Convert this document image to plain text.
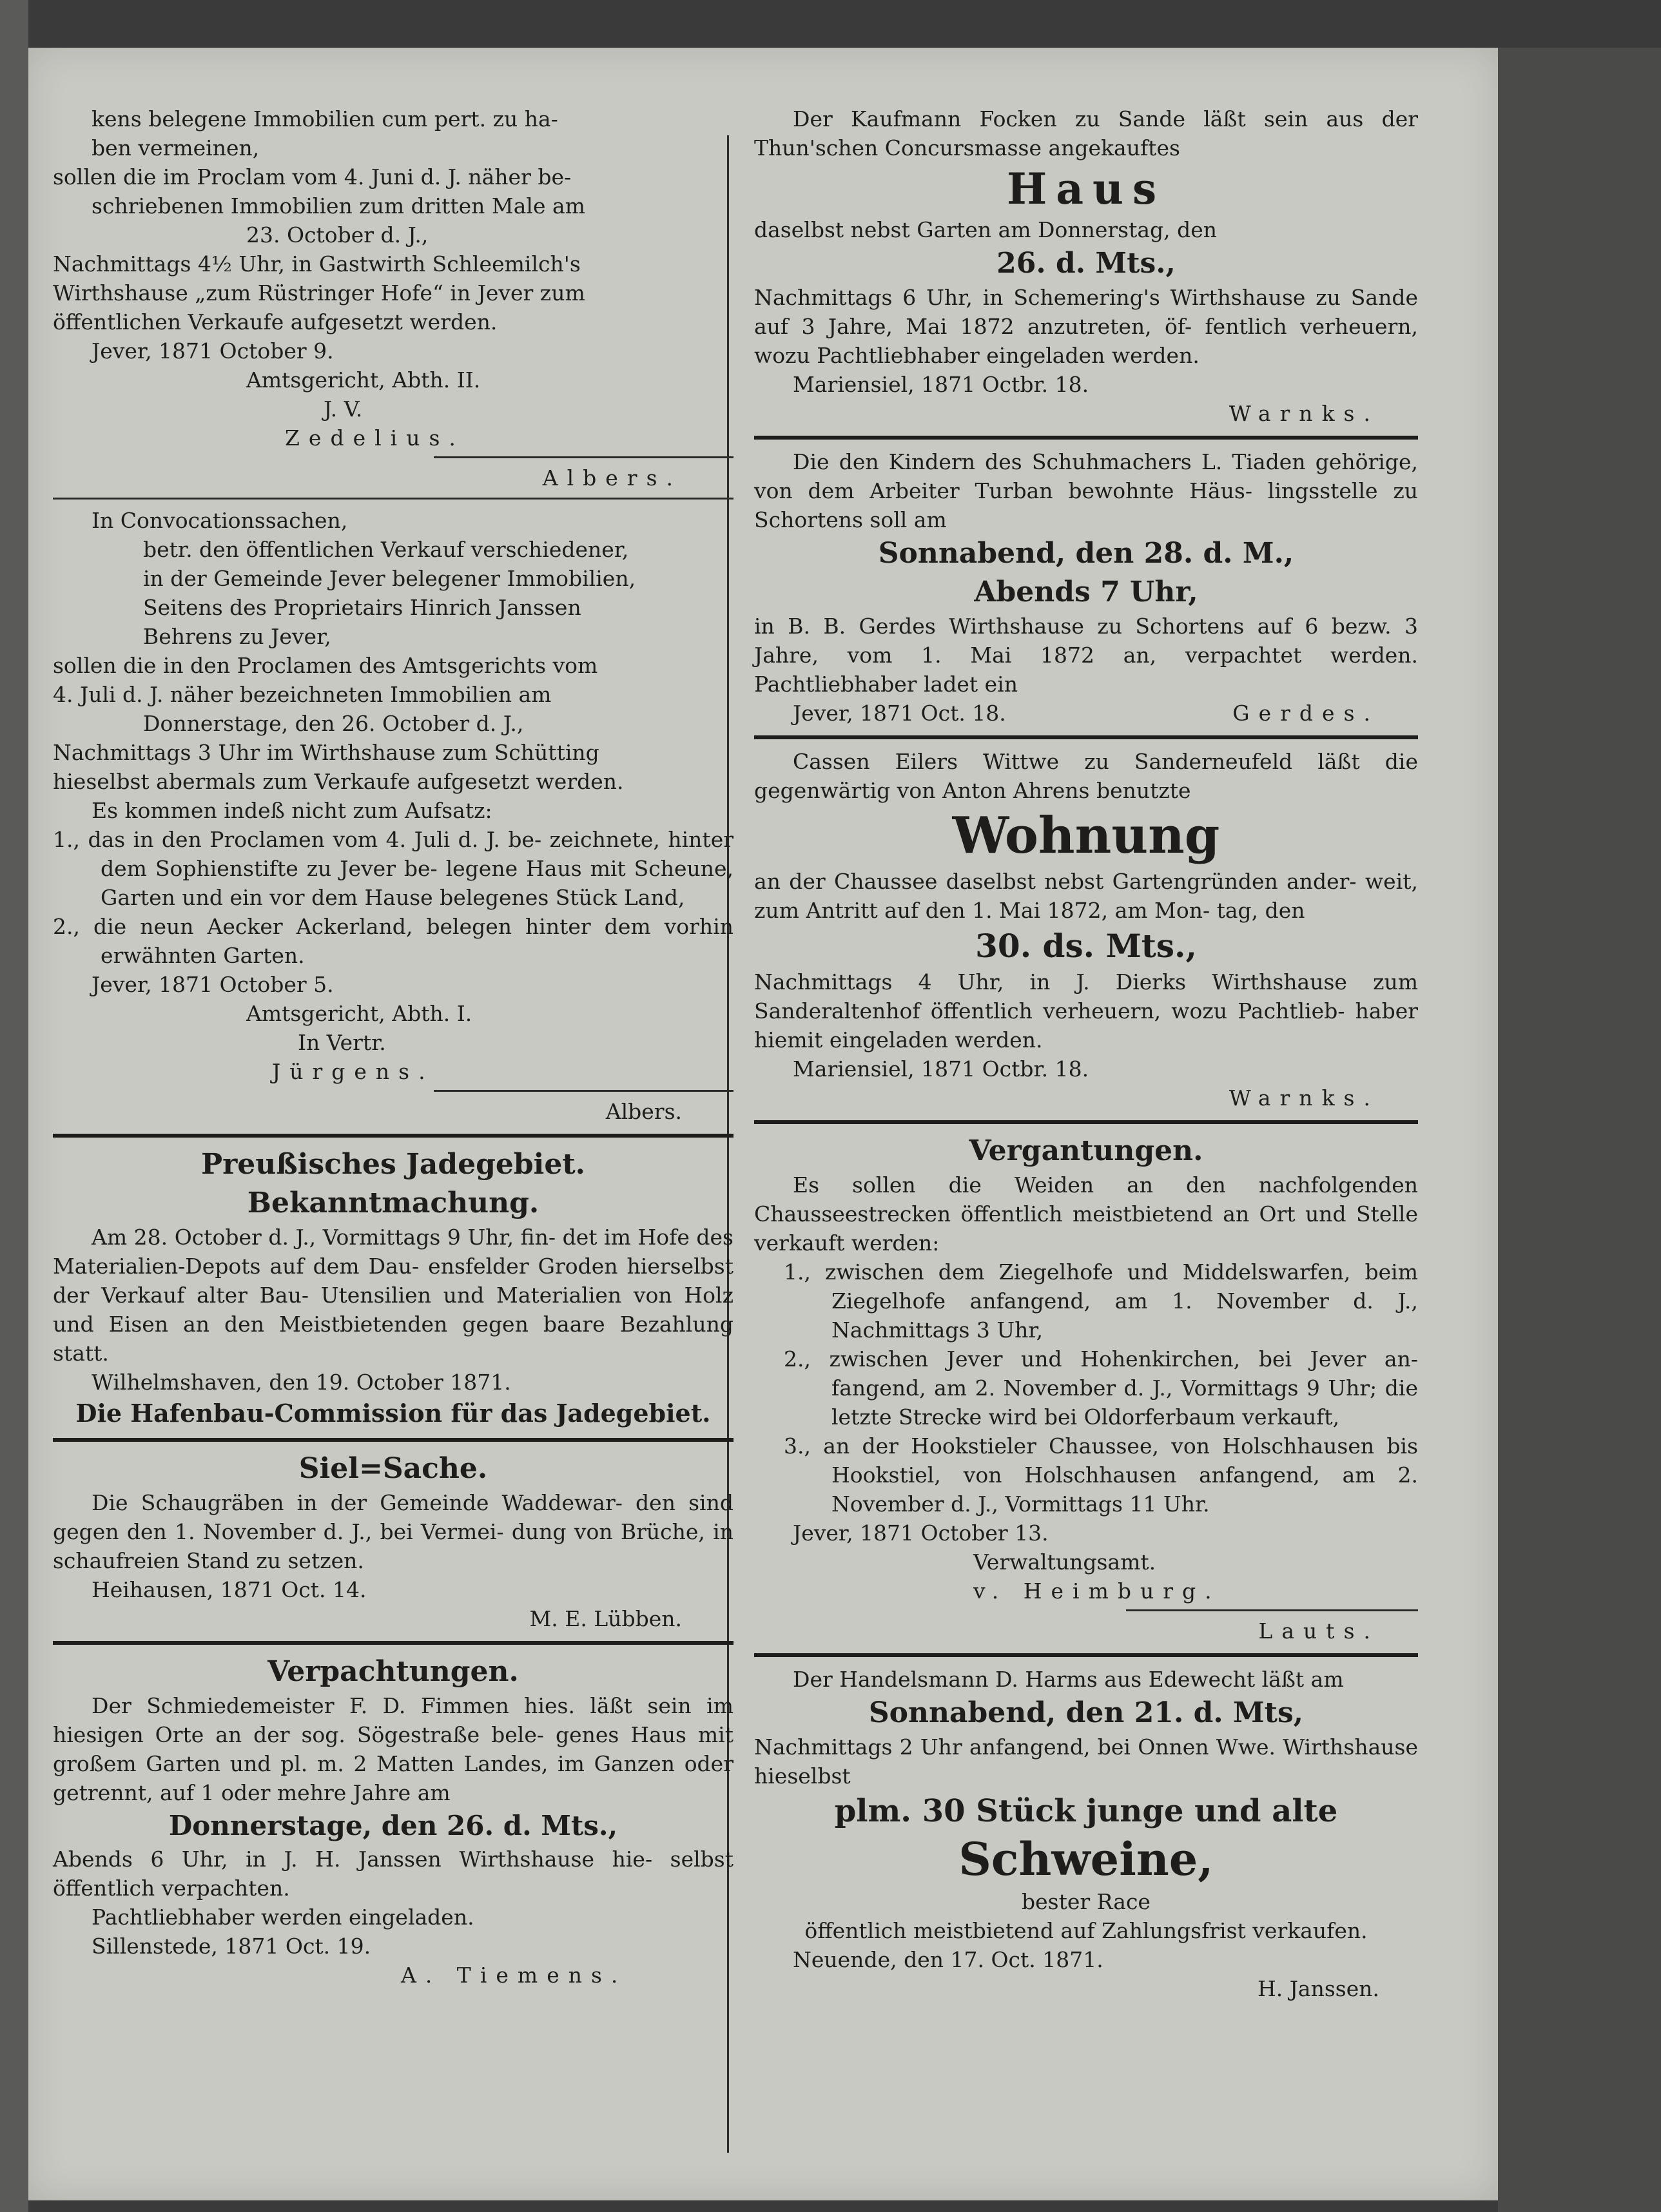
kens belegene Immobilien cum pert. zu ha-

ben vermeinen,

sollen die im Proclam vom 4. Juni d. J. näher be-

schriebenen Immobilien zum dritten Male am

23. October d. J.,

Nachmittags 4½ Uhr, in Gastwirth Schleemilch's

Wirthshause „zum Rüstringer Hofe“ in Jever zum

öffentlichen Verkaufe aufgesetzt werden.

Jever, 1871 October 9.

Amtsgericht, Abth. II.

J. V.

Zedelius.

Albers.

In Convocationssachen,

betr. den öffentlichen Verkauf verschiedener,

in der Gemeinde Jever belegener Immobilien,

Seitens des Proprietairs Hinrich Janssen

Behrens zu Jever,

sollen die in den Proclamen des Amtsgerichts vom

4. Juli d. J. näher bezeichneten Immobilien am

Donnerstage, den 26. October d. J.,

Nachmittags 3 Uhr im Wirthshause zum Schütting

hieselbst abermals zum Verkaufe aufgesetzt werden.

Es kommen indeß nicht zum Aufsatz:

1., das in den Proclamen vom 4. Juli d. J. be- zeichnete, hinter dem Sophienstifte zu Jever be- legene Haus mit Scheune, Garten und ein vor dem Hause belegenes Stück Land,

2., die neun Aecker Ackerland, belegen hinter dem vorhin erwähnten Garten.

Jever, 1871 October 5.

Amtsgericht, Abth. I.

In Vertr.

Jürgens.

Albers.

Preußisches Jadegebiet.

Bekanntmachung.

Am 28. October d. J., Vormittags 9 Uhr, fin- det im Hofe des Materialien-Depots auf dem Dau- ensfelder Groden hierselbst der Verkauf alter Bau- Utensilien und Materialien von Holz und Eisen an den Meistbietenden gegen baare Bezahlung statt.

Wilhelmshaven, den 19. October 1871.

Die Hafenbau-Commission für das Jadegebiet.

Siel=Sache.

Die Schaugräben in der Gemeinde Waddewar- den sind gegen den 1. November d. J., bei Vermei- dung von Brüche, in schaufreien Stand zu setzen.

Heihausen, 1871 Oct. 14.

M. E. Lübben.

Verpachtungen.

Der Schmiedemeister F. D. Fimmen hies. läßt sein im hiesigen Orte an der sog. Sögestraße bele- genes Haus mit großem Garten und pl. m. 2 Matten Landes, im Ganzen oder getrennt, auf 1 oder mehre Jahre am

Donnerstage, den 26. d. Mts.,

Abends 6 Uhr, in J. H. Janssen Wirthshause hie- selbst öffentlich verpachten.

Pachtliebhaber werden eingeladen.

Sillenstede, 1871 Oct. 19.

A. Tiemens.

Der Kaufmann Focken zu Sande läßt sein aus der Thun'schen Concursmasse angekauftes

Haus

daselbst nebst Garten am Donnerstag, den

26. d. Mts.,

Nachmittags 6 Uhr, in Schemering's Wirthshause zu Sande auf 3 Jahre, Mai 1872 anzutreten, öf- fentlich verheuern, wozu Pachtliebhaber eingeladen werden.

Mariensiel, 1871 Octbr. 18.

Warnks.

Die den Kindern des Schuhmachers L. Tiaden gehörige, von dem Arbeiter Turban bewohnte Häus- lingsstelle zu Schortens soll am

Sonnabend, den 28. d. M.,

Abends 7 Uhr,

in B. B. Gerdes Wirthshause zu Schortens auf 6 bezw. 3 Jahre, vom 1. Mai 1872 an, verpachtet werden. Pachtliebhaber ladet ein

Jever, 1871 Oct. 18.	Gerdes.

Cassen Eilers Wittwe zu Sanderneufeld läßt die gegenwärtig von Anton Ahrens benutzte

Wohnung

an der Chaussee daselbst nebst Gartengründen ander- weit, zum Antritt auf den 1. Mai 1872, am Mon- tag, den

30. ds. Mts.,

Nachmittags 4 Uhr, in J. Dierks Wirthshause zum Sanderaltenhof öffentlich verheuern, wozu Pachtlieb- haber hiemit eingeladen werden.

Mariensiel, 1871 Octbr. 18.

Warnks.

Vergantungen.

Es sollen die Weiden an den nachfolgenden Chausseestrecken öffentlich meistbietend an Ort und Stelle verkauft werden:

1., zwischen dem Ziegelhofe und Middelswarfen, beim Ziegelhofe anfangend, am 1. November d. J., Nachmittags 3 Uhr,

2., zwischen Jever und Hohenkirchen, bei Jever an- fangend, am 2. November d. J., Vormittags 9 Uhr; die letzte Strecke wird bei Oldorferbaum verkauft,

3., an der Hookstieler Chaussee, von Holschhausen bis Hookstiel, von Holschhausen anfangend, am 2. November d. J., Vormittags 11 Uhr.

Jever, 1871 October 13.

Verwaltungsamt.

v. Heimburg.

Lauts.

Der Handelsmann D. Harms aus Edewecht läßt am

Sonnabend, den 21. d. Mts,

Nachmittags 2 Uhr anfangend, bei Onnen Wwe. Wirthshause hieselbst

plm. 30 Stück junge und alte

Schweine,

bester Race

öffentlich meistbietend auf Zahlungsfrist verkaufen.

Neuende, den 17. Oct. 1871.

H. Janssen.
